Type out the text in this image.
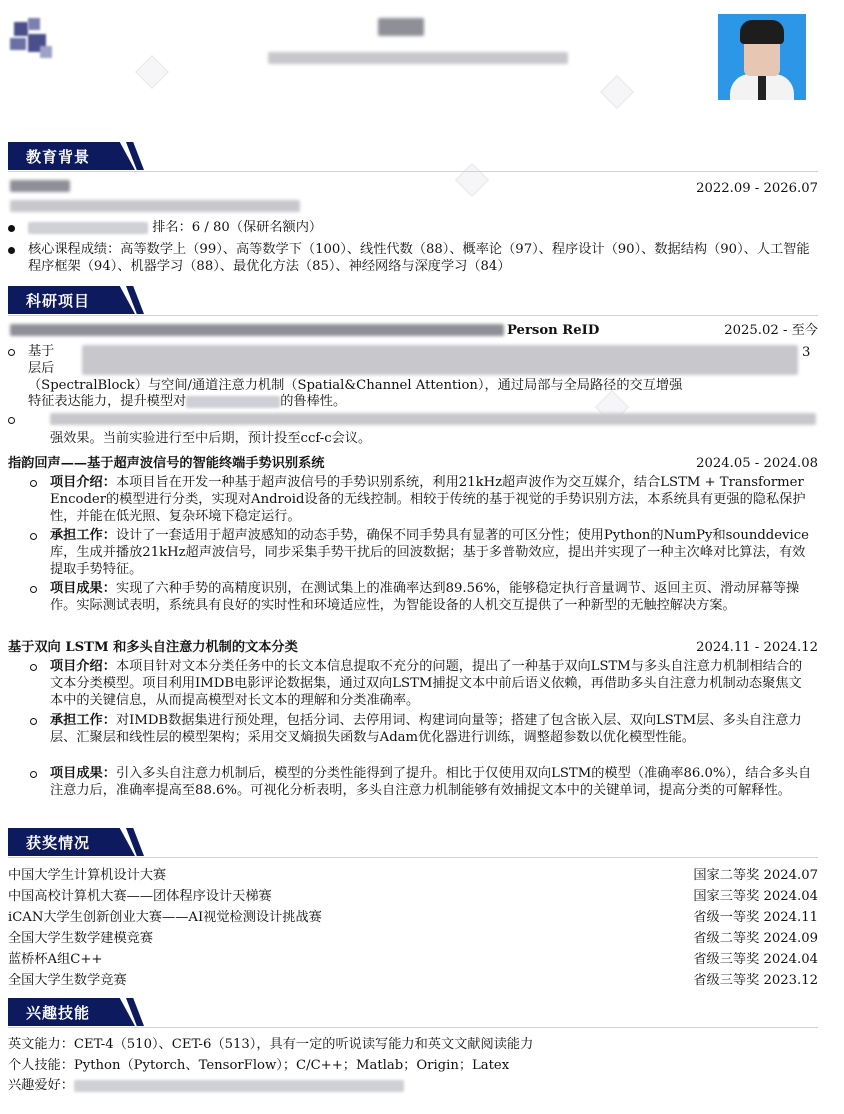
教育背景
2022.09 - 2026.07
排名：6 / 80（保研名额内）
核心课程成绩：高等数学上（99）、高等数学下（100）、线性代数（88）、概率论（97）、程序设计（90）、数据结构（90）、人工智能程序框架（94）、机器学习（88）、最优化方法（85）、神经网络与深度学习（84）
科研项目
Person ReID	2025.02 - 至今
基于	3
层后
（SpectralBlock）与空间/通道注意力机制（Spatial&Channel Attention），通过局部与全局路径的交互增强
特征表达能力，提升模型对	的鲁棒性。
强效果。当前实验进行至中后期，预计投至ccf-c会议。
指韵回声——基于超声波信号的智能终端手势识别系统	2024.05 - 2024.08
项目介绍：本项目旨在开发一种基于超声波信号的手势识别系统，利用21kHz超声波作为交互媒介，结合LSTM + Transformer Encoder的模型进行分类，实现对Android设备的无线控制。相较于传统的基于视觉的手势识别方法，本系统具有更强的隐私保护性，并能在低光照、复杂环境下稳定运行。
承担工作：设计了一套适用于超声波感知的动态手势，确保不同手势具有显著的可区分性；使用Python的NumPy和sounddevice库，生成并播放21kHz超声波信号，同步采集手势干扰后的回波数据；基于多普勒效应，提出并实现了一种主次峰对比算法，有效提取手势特征。
项目成果：实现了六种手势的高精度识别，在测试集上的准确率达到89.56%，能够稳定执行音量调节、返回主页、滑动屏幕等操作。实际测试表明，系统具有良好的实时性和环境适应性，为智能设备的人机交互提供了一种新型的无触控解决方案。
基于双向 LSTM 和多头自注意力机制的文本分类	2024.11 - 2024.12
项目介绍：本项目针对文本分类任务中的长文本信息提取不充分的问题，提出了一种基于双向LSTM与多头自注意力机制相结合的文本分类模型。项目利用IMDB电影评论数据集，通过双向LSTM捕捉文本中前后语义依赖，再借助多头自注意力机制动态聚焦文本中的关键信息，从而提高模型对长文本的理解和分类准确率。
承担工作：对IMDB数据集进行预处理，包括分词、去停用词、构建词向量等；搭建了包含嵌入层、双向LSTM层、多头自注意力层、汇聚层和线性层的模型架构；采用交叉熵损失函数与Adam优化器进行训练，调整超参数以优化模型性能。
项目成果：引入多头自注意力机制后，模型的分类性能得到了提升。相比于仅使用双向LSTM的模型（准确率86.0%），结合多头自注意力后，准确率提高至88.6%。可视化分析表明，多头自注意力机制能够有效捕捉文本中的关键单词，提高分类的可解释性。
获奖情况
中国大学生计算机设计大赛	国家二等奖 2024.07
中国高校计算机大赛——团体程序设计天梯赛	国家三等奖 2024.04
iCAN大学生创新创业大赛——AI视觉检测设计挑战赛	省级一等奖 2024.11
全国大学生数学建模竞赛	省级二等奖 2024.09
蓝桥杯A组C++	省级三等奖 2024.04
全国大学生数学竞赛	省级三等奖 2023.12
兴趣技能
英文能力：CET-4（510）、CET-6（513），具有一定的听说读写能力和英文文献阅读能力
个人技能：Python（Pytorch、TensorFlow）；C/C++；Matlab；Origin；Latex
兴趣爱好：
